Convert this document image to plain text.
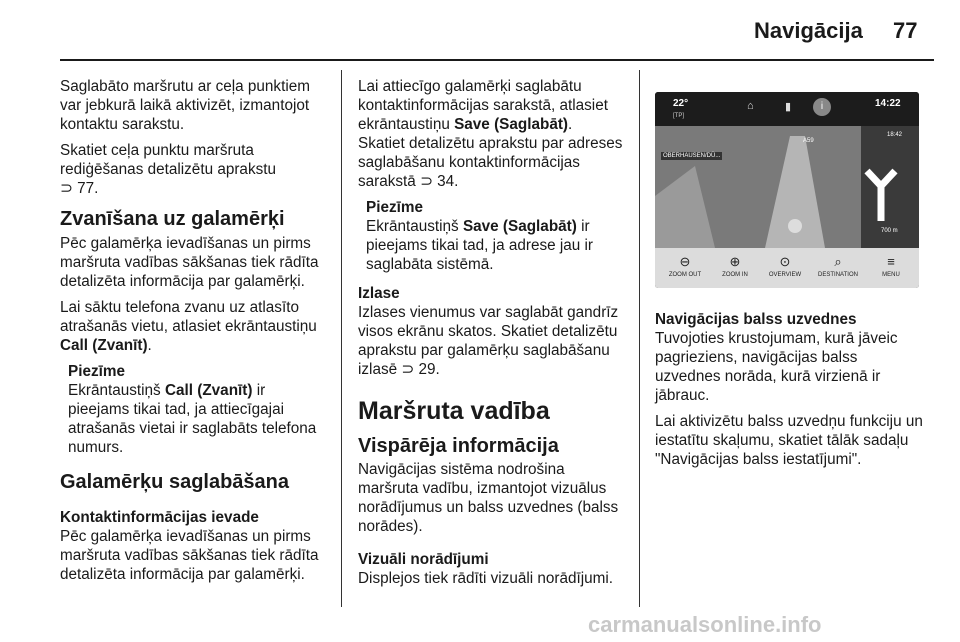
Navigācija 77

Saglabāto maršrutu ar ceļa punktiem var jebkurā laikā aktivizēt, izmantojot kontaktu sarakstu.

Skatiet ceļa punktu maršruta rediģēšanas detalizētu aprakstu
⊃ 77.

Zvanīšana uz galamērķi

Pēc galamērķa ievadīšanas un pirms maršruta vadības sākšanas tiek rādīta detalizēta informācija par galamērķi.

Lai sāktu telefona zvanu uz atlasīto atrašanās vietu, atlasiet ekrāntaustiņu Call (Zvanīt).

Piezīme
Ekrāntaustiņš Call (Zvanīt) ir pieejams tikai tad, ja attiecīgajai atrašanās vietai ir saglabāts telefona numurs.
Galamērķu saglabāšana
Kontaktinformācijas ievade

Pēc galamērķa ievadīšanas un pirms maršruta vadības sākšanas tiek rādīta detalizēta informācija par galamērķi.

Lai attiecīgo galamērķi saglabātu kontaktinformācijas sarakstā, atlasiet ekrāntaustiņu Save (Saglabāt).

Skatiet detalizētu aprakstu par adreses saglabāšanu kontaktinformācijas sarakstā ⊃ 34.

Piezīme
Ekrāntaustiņš Save (Saglabāt) ir pieejams tikai tad, ja adrese jau ir saglabāta sistēmā.
Izlase

Izlases vienumus var saglabāt gandrīz visos ekrānu skatos. Skatiet detalizētu aprakstu par galamērķu saglabāšanu izlasē ⊃ 29.

Maršruta vadība
Vispārēja informācija

Navigācijas sistēma nodrošina maršruta vadību, izmantojot vizuālus norādījumus un balss uzvednes (balss norādes).

Vizuāli norādījumi

Displejos tiek rādīti vizuāli norādījumi.

22°
[TP]
⌂	▮	i	14:22
OBERHAUSEN/DÜ...
A59
18:42
700 m
⊖
ZOOM OUT
⊕
ZOOM IN
⊙
OVERVIEW
⌕
DESTINATION
≡
MENU
Navigācijas balss uzvednes

Tuvojoties krustojumam, kurā jāveic pagrieziens, navigācijas balss uzvednes norāda, kurā virzienā ir jābrauc.

Lai aktivizētu balss uzvedņu funkciju un iestatītu skaļumu, skatiet tālāk sadaļu "Navigācijas balss iestatījumi".

carmanualsonline.info
